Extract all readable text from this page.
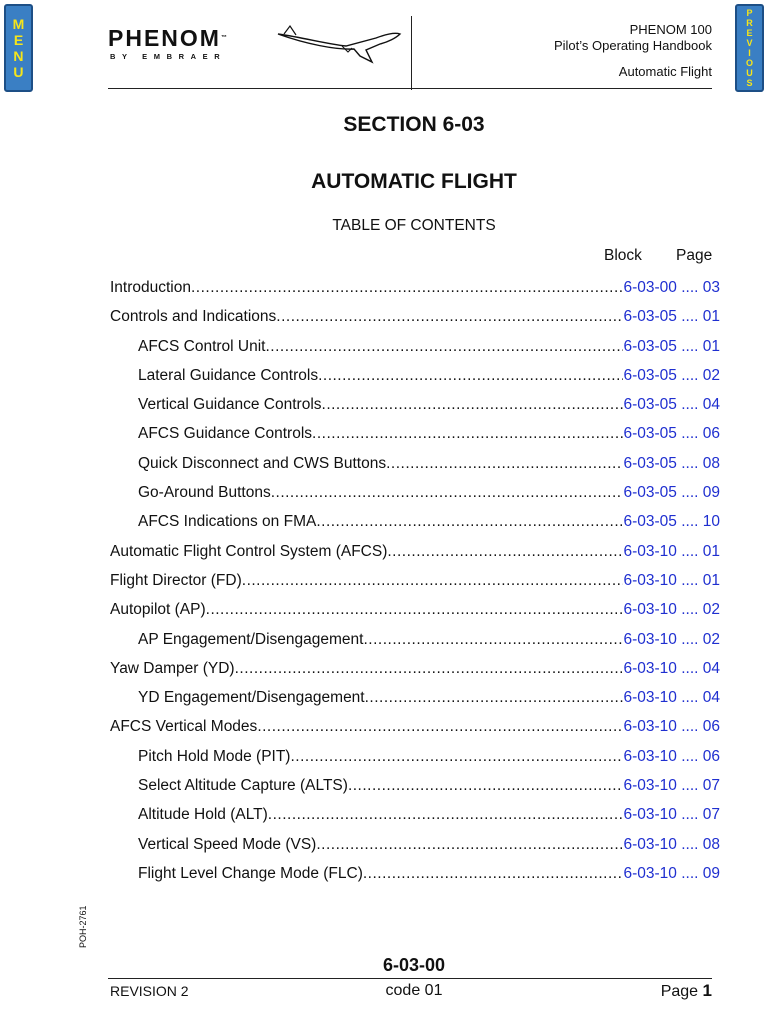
M
E
N
U
P
R
E
V
I
O
U
S
PHENOM™
BY EMBRAER
PHENOM 100
Pilot’s Operating Handbook
Automatic Flight
SECTION 6-03
AUTOMATIC FLIGHT
TABLE OF CONTENTS
Block Page
Introduction .....	6-03-00 .... 03
Controls and Indications .....	6-03-05 .... 01
AFCS Control Unit .....	6-03-05 .... 01
Lateral Guidance Controls .....	6-03-05 .... 02
Vertical Guidance Controls .....	6-03-05 .... 04
AFCS Guidance Controls .....	6-03-05 .... 06
Quick Disconnect and CWS Buttons .....	6-03-05 .... 08
Go-Around Buttons .....	6-03-05 .... 09
AFCS Indications on FMA .....	6-03-05 .... 10
Automatic Flight Control System (AFCS) .....	6-03-10 .... 01
Flight Director (FD) .....	6-03-10 .... 01
Autopilot (AP) .....	6-03-10 .... 02
AP Engagement/Disengagement .....	6-03-10 .... 02
Yaw Damper (YD) .....	6-03-10 .... 04
YD Engagement/Disengagement .....	6-03-10 .... 04
AFCS Vertical Modes .....	6-03-10 .... 06
Pitch Hold Mode (PIT) .....	6-03-10 .... 06
Select Altitude Capture (ALTS) .....	6-03-10 .... 07
Altitude Hold (ALT) .....	6-03-10 .... 07
Vertical Speed Mode (VS) .....	6-03-10 .... 08
Flight Level Change Mode (FLC) .....	6-03-10 .... 09
POH-2761
6-03-00
REVISION 2	code 01	Page 1
